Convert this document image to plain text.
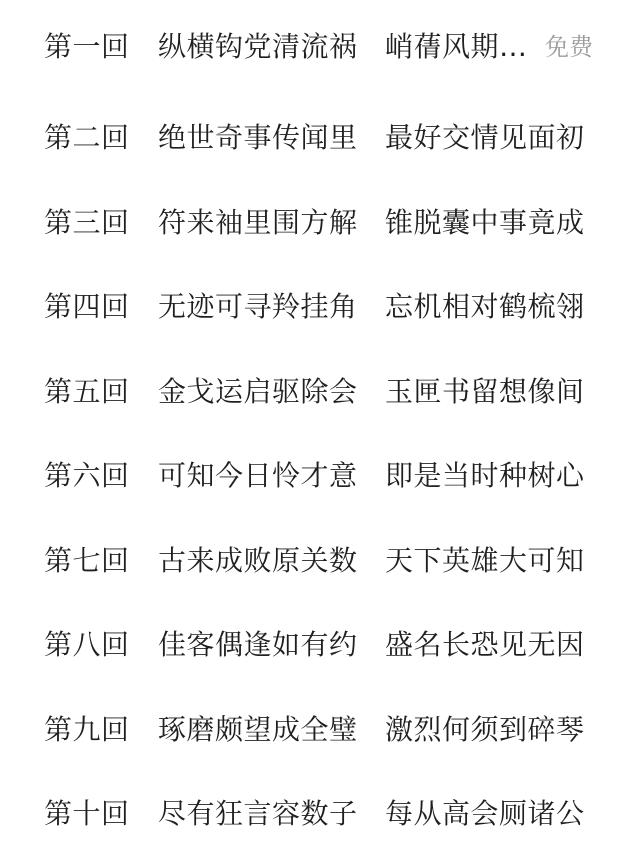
第一回 纵横钩党清流祸 峭蒨风期… 免费
第二回 绝世奇事传闻里 最好交情见面初
第三回 符来袖里围方解 锥脱囊中事竟成
第四回 无迹可寻羚挂角 忘机相对鹤梳翎
第五回 金戈运启驱除会 玉匣书留想像间
第六回 可知今日怜才意 即是当时种树心
第七回 古来成败原关数 天下英雄大可知
第八回 佳客偶逢如有约 盛名长恐见无因
第九回 琢磨颇望成全璧 激烈何须到碎琴
第十回 尽有狂言容数子 每从高会厕诸公
